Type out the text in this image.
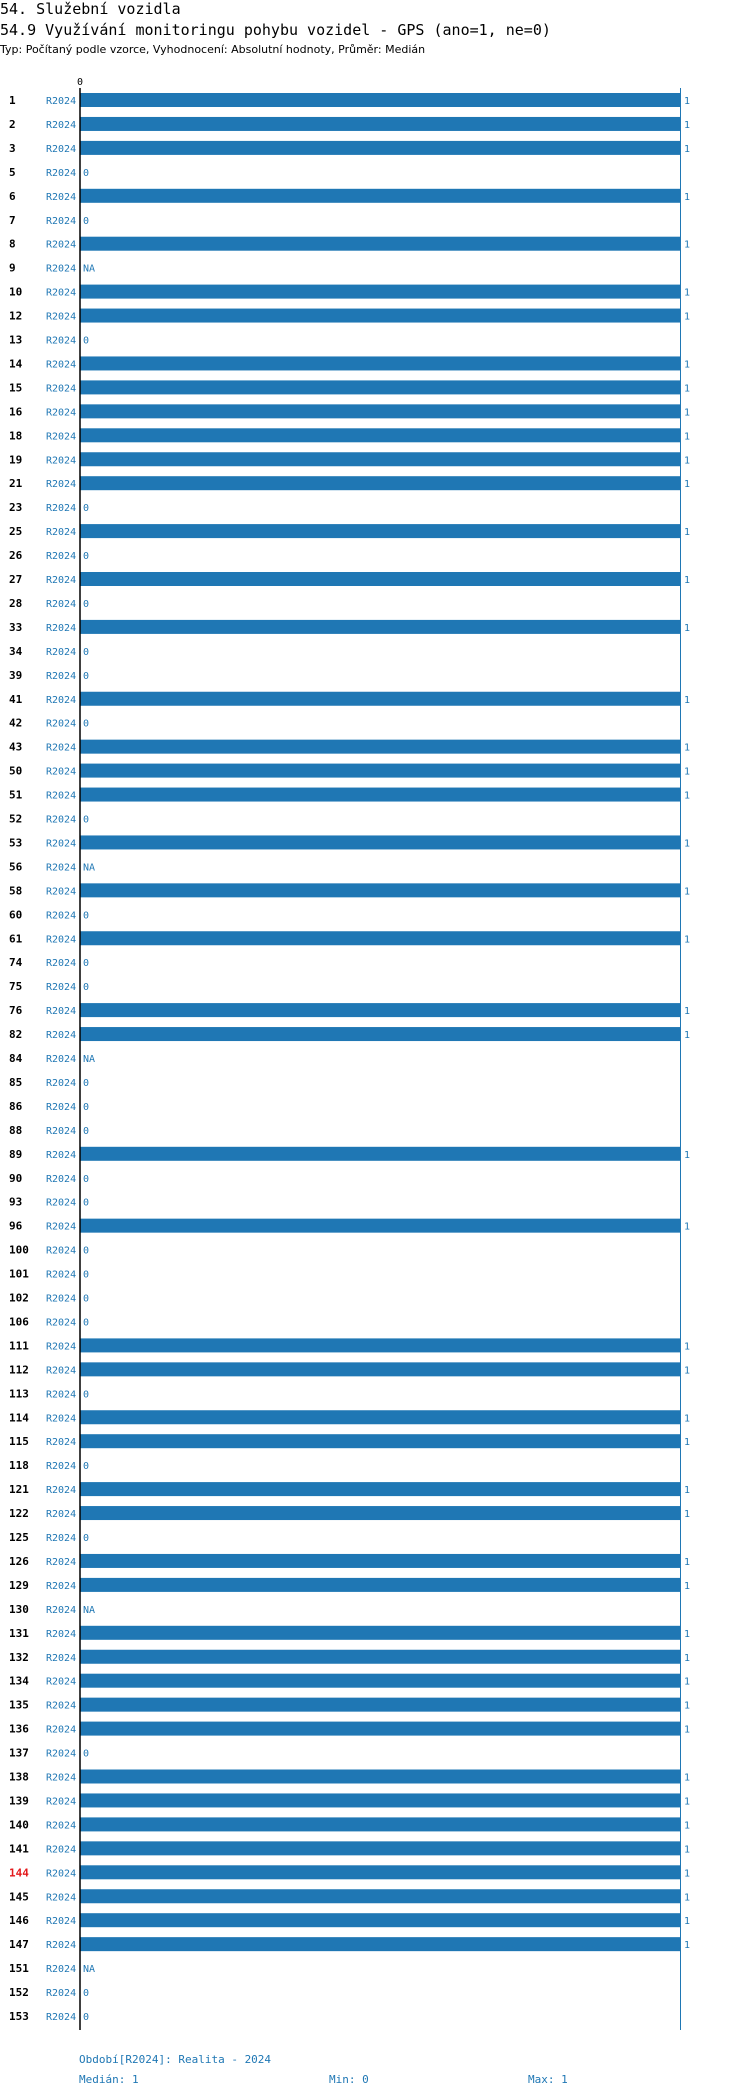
54. Služební vozidla
54.9 Využívání monitoringu pohybu vozidel - GPS (ano=1, ne=0)
Typ: Počítaný podle vzorce, Vyhodnocení: Absolutní hodnoty, Průměr: Medián
0
1	R2024	1
2	R2024	1
3	R2024	1
5	R2024 0
6	R2024	1
7	R2024 0
8	R2024	1
9	R2024 NA
10 R2024	1
12 R2024	1
13 R2024 0
14 R2024	1
15 R2024	1
16 R2024	1
18 R2024	1
19 R2024	1
21 R2024	1
23 R2024 0
25 R2024	1
26 R2024 0
27 R2024	1
28 R2024 0
33 R2024	1
34 R2024 0
39 R2024 0
41 R2024	1
42 R2024 0
43 R2024	1
50 R2024	1
51 R2024	1
52 R2024 0
53 R2024	1
56 R2024 NA
58 R2024	1
60 R2024 0
61 R2024	1
74 R2024 0
75 R2024 0
76 R2024	1
82 R2024	1
84 R2024 NA
85 R2024 0
86 R2024 0
88 R2024 0
89 R2024	1
90 R2024 0
93 R2024 0
96 R2024	1
100 R2024 0
101 R2024 0
102 R2024 0
106 R2024 0
111 R2024	1
112 R2024	1
113 R2024 0
114 R2024	1
115 R2024	1
118 R2024 0
121 R2024	1
122 R2024	1
125 R2024 0
126 R2024	1
129 R2024	1
130 R2024 NA
131 R2024	1
132 R2024	1
134 R2024	1
135 R2024	1
136 R2024	1
137 R2024 0
138 R2024	1
139 R2024	1
140 R2024	1
141 R2024	1
144 R2024	1
145 R2024	1
146 R2024	1
147 R2024	1
151 R2024 NA
152 R2024 0
153 R2024 0
Období[R2024]: Realita - 2024
Medián: 1	Min: 0	Max: 1
